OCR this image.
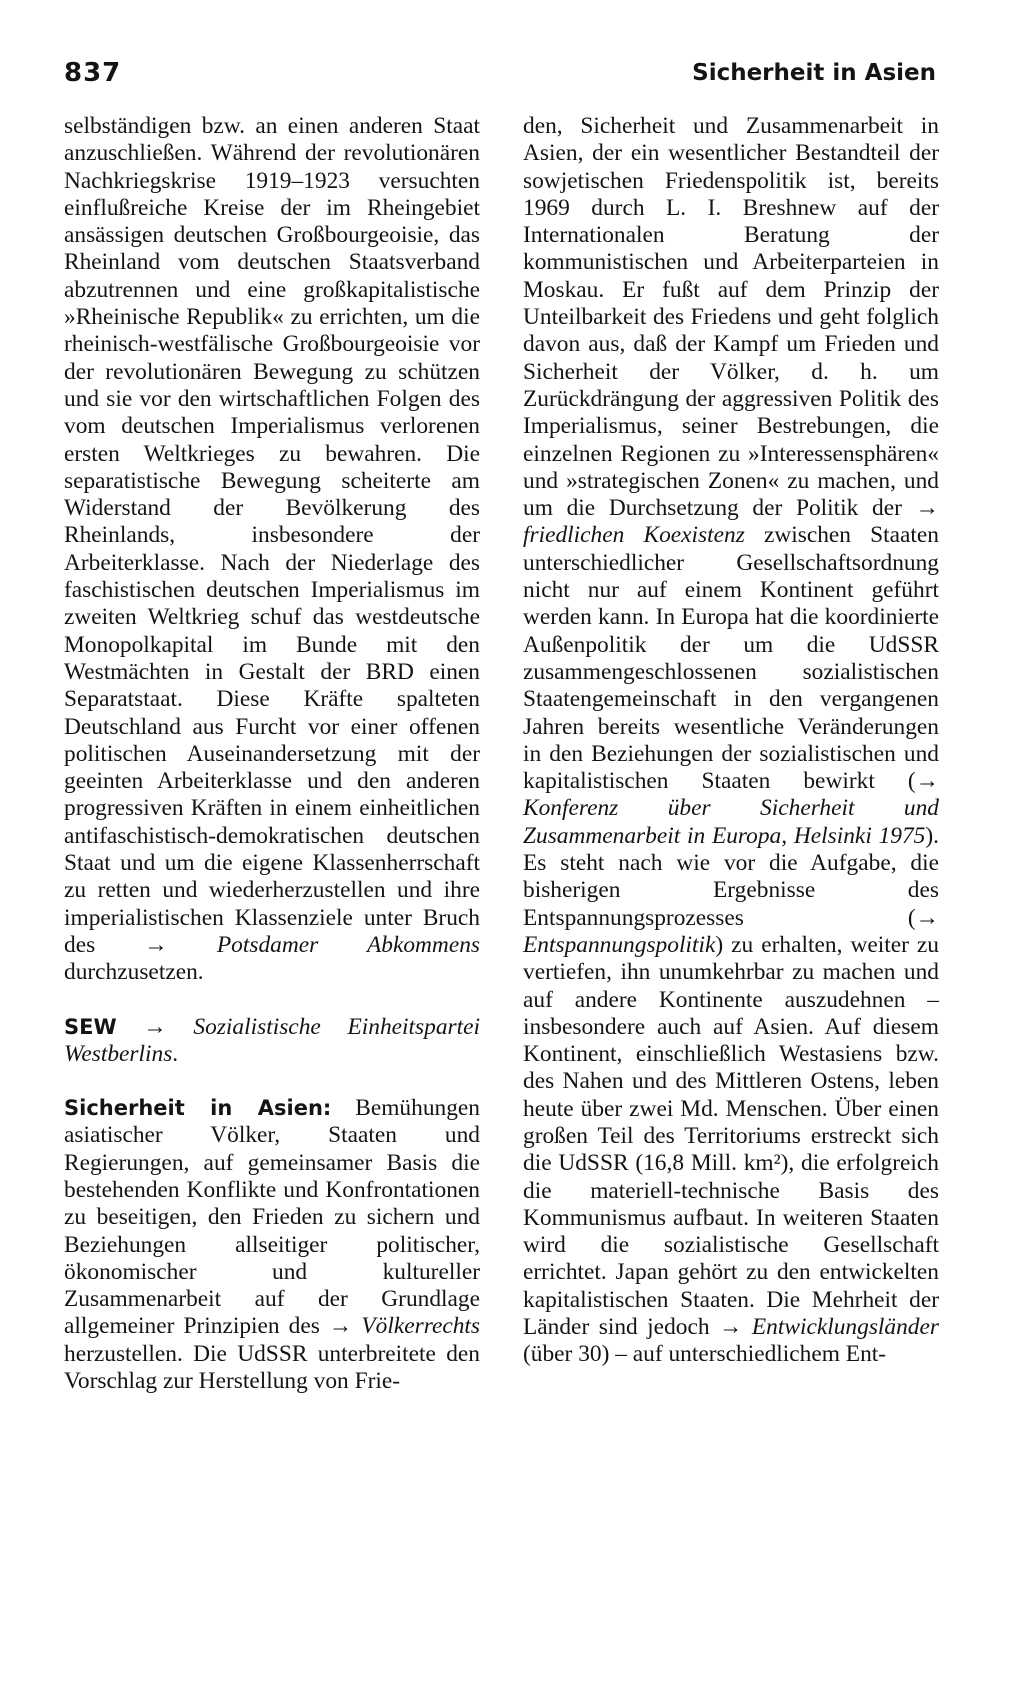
837	Sicherheit in Asien

selbständigen bzw. an einen anderen Staat anzuschließen. Während der revolutionären Nachkriegskrise 1919–1923 versuchten einflußreiche Kreise der im Rheingebiet ansässigen deutschen Großbourgeoisie, das Rheinland vom deutschen Staatsverband abzutrennen und eine großkapitalistische »Rheinische Republik« zu errichten, um die rheinisch-westfälische Großbourgeoisie vor der revolutionären Bewegung zu schützen und sie vor den wirtschaftlichen Folgen des vom deutschen Imperialismus verlorenen ersten Weltkrieges zu bewahren. Die separatistische Bewegung scheiterte am Widerstand der Bevölkerung des Rheinlands, insbesondere der Arbeiterklasse. Nach der Niederlage des faschistischen deutschen Imperialismus im zweiten Weltkrieg schuf das westdeutsche Monopolkapital im Bunde mit den Westmächten in Gestalt der BRD einen Separatstaat. Diese Kräfte spalteten Deutschland aus Furcht vor einer offenen politischen Auseinandersetzung mit der geeinten Arbeiterklasse und den anderen progressiven Kräften in einem einheitlichen antifaschistisch-demokratischen deutschen Staat und um die eigene Klassenherrschaft zu retten und wiederherzustellen und ihre imperialistischen Klassenziele unter Bruch des → Potsdamer Abkommens durchzusetzen.

SEW → Sozialistische Einheitspartei Westberlins.

Sicherheit in Asien: Bemühungen asiatischer Völker, Staaten und Regierungen, auf gemeinsamer Basis die bestehenden Konflikte und Konfrontationen zu beseitigen, den Frieden zu sichern und Beziehungen allseitiger politischer, ökonomischer und kultureller Zusammenarbeit auf der Grundlage allgemeiner Prinzipien des → Völkerrechts herzustellen. Die UdSSR unterbreitete den Vorschlag zur Herstellung von Frie-

den, Sicherheit und Zusammenarbeit in Asien, der ein wesentlicher Bestandteil der sowjetischen Friedenspolitik ist, bereits 1969 durch L. I. Breshnew auf der Internationalen Beratung der kommunistischen und Arbeiterparteien in Moskau. Er fußt auf dem Prinzip der Unteilbarkeit des Friedens und geht folglich davon aus, daß der Kampf um Frieden und Sicherheit der Völker, d. h. um Zurückdrängung der aggressiven Politik des Imperialismus, seiner Bestrebungen, die einzelnen Regionen zu »Interessensphären« und »strategischen Zonen« zu machen, und um die Durchsetzung der Politik der → friedlichen Koexistenz zwischen Staaten unterschiedlicher Gesellschaftsordnung nicht nur auf einem Kontinent geführt werden kann. In Europa hat die koordinierte Außenpolitik der um die UdSSR zusammengeschlossenen sozialistischen Staatengemeinschaft in den vergangenen Jahren bereits wesentliche Veränderungen in den Beziehungen der sozialistischen und kapitalistischen Staaten bewirkt (→ Konferenz über Sicherheit und Zusammenarbeit in Europa, Helsinki 1975). Es steht nach wie vor die Aufgabe, die bisherigen Ergebnisse des Entspannungsprozesses (→ Entspannungspolitik) zu erhalten, weiter zu vertiefen, ihn unumkehrbar zu machen und auf andere Kontinente auszudehnen – insbesondere auch auf Asien. Auf diesem Kontinent, einschließlich Westasiens bzw. des Nahen und des Mittleren Ostens, leben heute über zwei Md. Menschen. Über einen großen Teil des Territoriums erstreckt sich die UdSSR (16,8 Mill. km²), die erfolgreich die materiell-technische Basis des Kommunismus aufbaut. In weiteren Staaten wird die sozialistische Gesellschaft errichtet. Japan gehört zu den entwickelten kapitalistischen Staaten. Die Mehrheit der Länder sind jedoch → Entwicklungsländer (über 30) – auf unterschiedlichem Ent-
